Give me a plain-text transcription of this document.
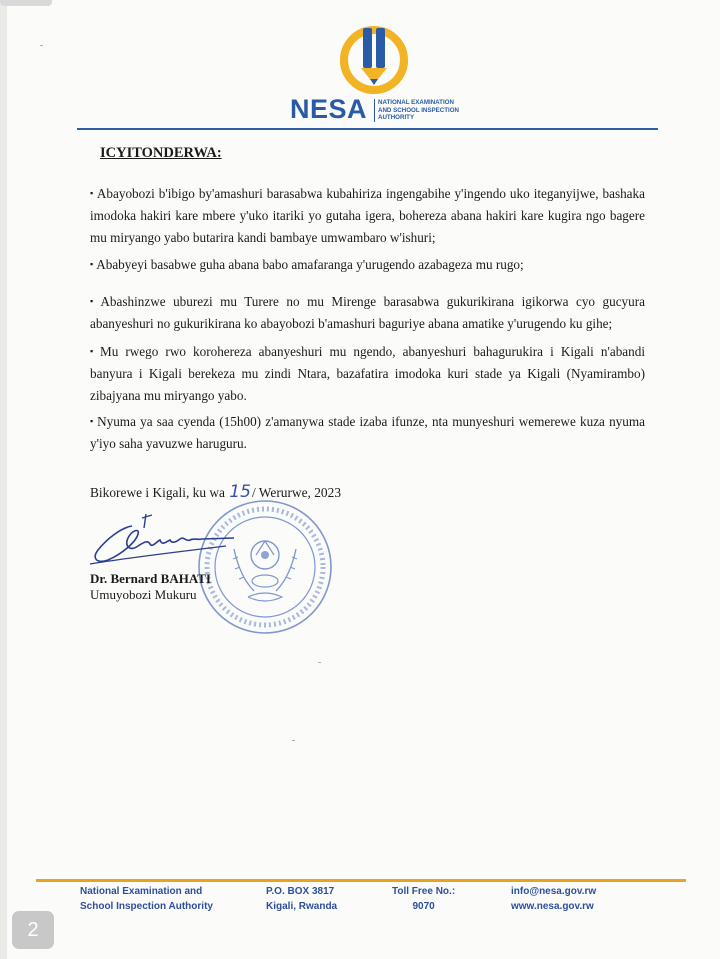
NESA NATIONAL EXAMINATION
AND SCHOOL INSPECTION
AUTHORITY
ICYITONDERWA:
▪ Abayobozi b'ibigo by'amashuri barasabwa kubahiriza ingengabihe y'ingendo uko iteganyijwe, bashaka imodoka hakiri kare mbere y'uko itariki yo gutaha igera, bohereza abana hakiri kare kugira ngo bagere mu miryango yabo butarira kandi bambaye umwambaro w'ishuri;
▪ Ababyeyi basabwe guha abana babo amafaranga y'urugendo azabageza mu rugo;
▪ Abashinzwe uburezi mu Turere no mu Mirenge barasabwa gukurikirana igikorwa cyo gucyura abanyeshuri no gukurikirana ko abayobozi b'amashuri baguriye abana amatike y'urugendo ku gihe;
▪ Mu rwego rwo korohereza abanyeshuri mu ngendo, abanyeshuri bahagurukira i Kigali n'abandi banyura i Kigali berekeza mu zindi Ntara, bazafatira imodoka kuri stade ya Kigali (Nyamirambo) zibajyana mu miryango yabo.
▪ Nyuma ya saa cyenda (15h00) z'amanywa stade izaba ifunze, nta munyeshuri wemerewe kuza nyuma y'iyo saha yavuzwe haruguru.
Bikorewe i Kigali, ku wa 15/ Werurwe, 2023
Dr. Bernard BAHATI
Umuyobozi Mukuru
National Examination and
School Inspection Authority
P.O. BOX 3817
Kigali, Rwanda
Toll Free No.:
9070
info@nesa.gov.rw
www.nesa.gov.rw
2
